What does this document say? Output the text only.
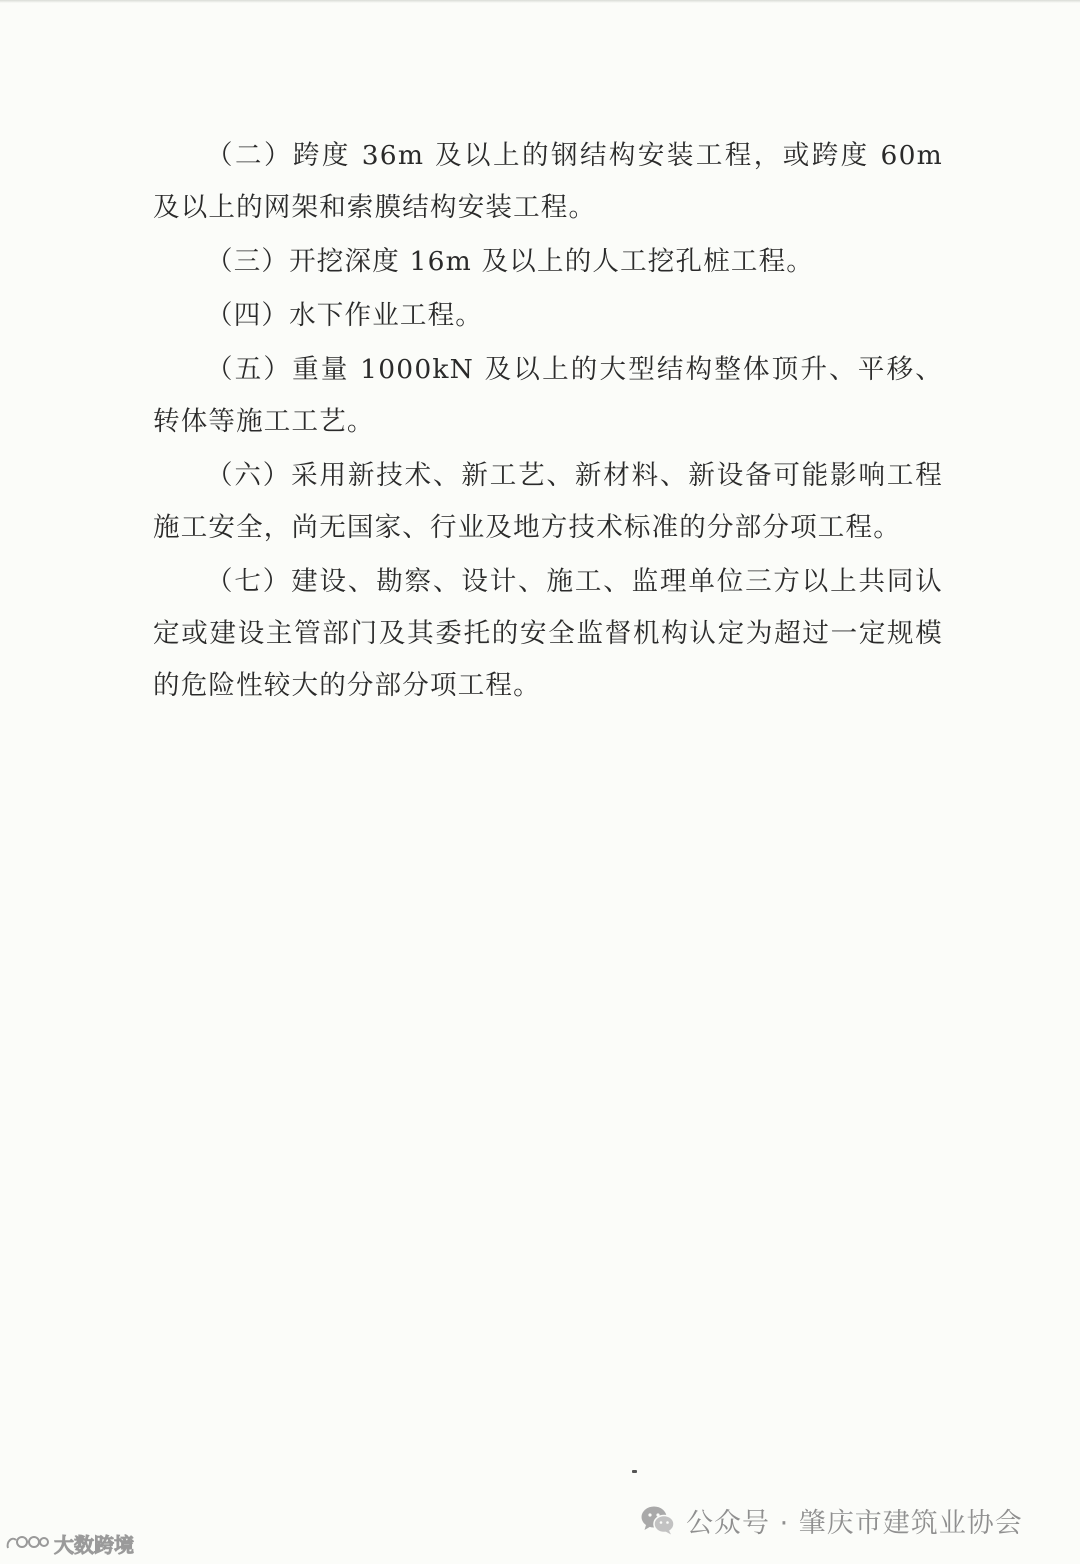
（二）跨度 36m 及以上的钢结构安装工程，或跨度 60m 及以上的网架和索膜结构安装工程。

（三）开挖深度 16m 及以上的人工挖孔桩工程。

（四）水下作业工程。

（五）重量 1000kN 及以上的大型结构整体顶升、平移、转体等施工工艺。

（六）采用新技术、新工艺、新材料、新设备可能影响工程施工安全，尚无国家、行业及地方技术标准的分部分项工程。

（七）建设、勘察、设计、施工、监理单位三方以上共同认定或建设主管部门及其委托的安全监督机构认定为超过一定规模的危险性较大的分部分项工程。

公众号 · 肇庆市建筑业协会
大数跨境
